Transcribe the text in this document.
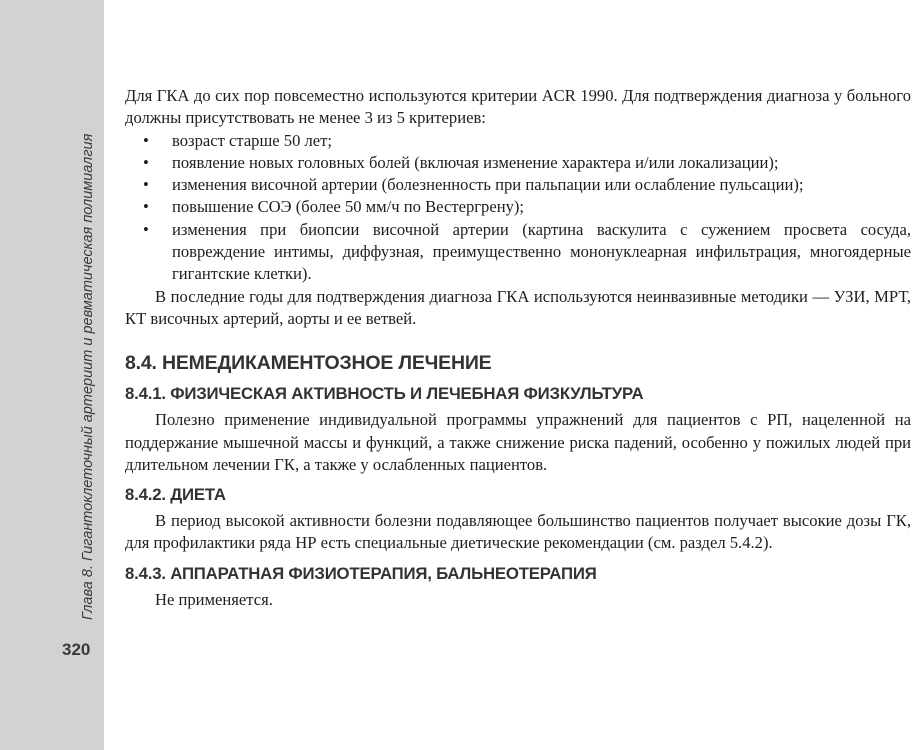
Глава 8. Гигантоклеточный артериит и ревматическая полимиалгия
320

Для ГКА до сих пор повсеместно используются критерии ACR 1990. Для подтверждения диагноза у больного должны присутствовать не менее 3 из 5 критериев:

• возраст старше 50 лет;
• появление новых головных болей (включая изменение характера и/или локализации);
• изменения височной артерии (болезненность при пальпации или ослабление пульсации);
• повышение СОЭ (более 50 мм/ч по Вестергрену);
• изменения при биопсии височной артерии (картина васкулита с сужением просвета сосуда, повреждение интимы, диффузная, преимущественно мононуклеарная инфильтрация, многоядерные гигантские клетки).

В последние годы для подтверждения диагноза ГКА используются неинвазивные методики — УЗИ, МРТ, КТ височных артерий, аорты и ее ветвей.

8.4. НЕМЕДИКАМЕНТОЗНОЕ ЛЕЧЕНИЕ
8.4.1. ФИЗИЧЕСКАЯ АКТИВНОСТЬ И ЛЕЧЕБНАЯ ФИЗКУЛЬТУРА

Полезно применение индивидуальной программы упражнений для пациентов с РП, нацеленной на поддержание мышечной массы и функций, а также снижение риска падений, особенно у пожилых людей при длительном лечении ГК, а также у ослабленных пациентов.

8.4.2. ДИЕТА

В период высокой активности болезни подавляющее большинство пациентов получает высокие дозы ГК, для профилактики ряда НР есть специальные диетические рекомендации (см. раздел 5.4.2).

8.4.3. АППАРАТНАЯ ФИЗИОТЕРАПИЯ, БАЛЬНЕОТЕРАПИЯ

Не применяется.
